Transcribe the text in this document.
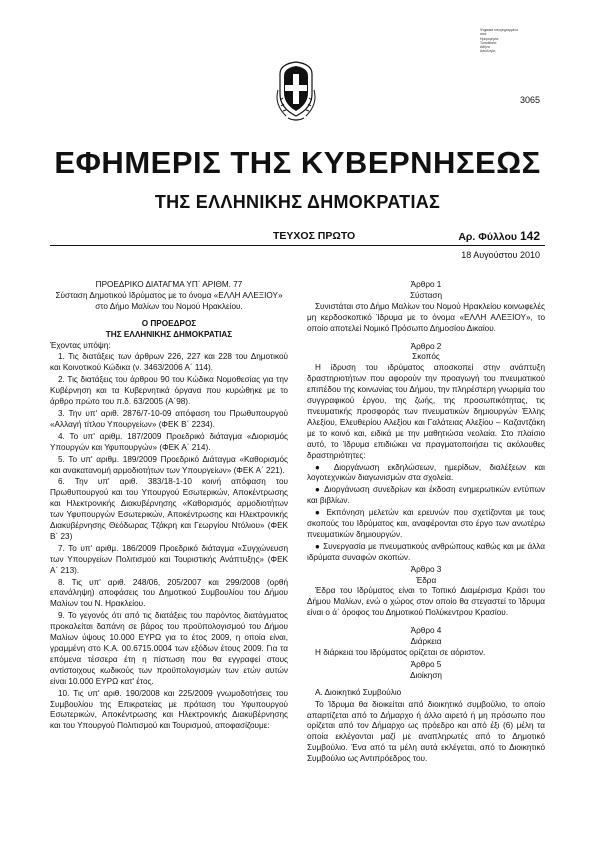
Ψηφιακά υπογεγραμμένο
από:
Ημερομηνία:
Τοποθεσία:
Αθήνα
Αιτιολογία:
3065
ΕΦΗΜΕΡΙΣ ΤΗΣ ΚΥΒΕΡΝΗΣΕΩΣ
ΤΗΣ ΕΛΛΗΝΙΚΗΣ ΔΗΜΟΚΡΑΤΙΑΣ
ΤΕΥΧΟΣ ΠΡΩΤΟ	Αρ. Φύλλου 142
18 Αυγούστου 2010

ΠΡΟΕΔΡΙΚΟ ΔΙΑΤΑΓΜΑ ΥΠ΄ ΑΡΙΘΜ. 77

Σύσταση Δημοτικού Ιδρύματος με το όνομα «ΕΛΛΗ ΑΛΕΞΙΟΥ» στο Δήμο Μαλίων του Νομού Ηρακλείου.

Ο ΠΡΟΕΔΡΟΣ

ΤΗΣ ΕΛΛΗΝΙΚΗΣ ΔΗΜΟΚΡΑΤΙΑΣ

Έχοντας υπόψη:

1. Τις διατάξεις των άρθρων 226, 227 και 228 του Δημοτικού και Κοινοτικού Κώδικα (ν. 3463/2006 Α΄ 114).

2. Τις διατάξεις του άρθρου 90 του Κώδικα Νομοθεσίας για την Κυβέρνηση και τα Κυβερνητικά όργανα που κυρώθηκε με το άρθρο πρώτο του π.δ. 63/2005 (Α΄98).

3. Την υπ' αριθ. 2876/7-10-09 απόφαση του Πρωθυπουργού «Αλλαγή τίτλου Υπουργείων» (ΦΕΚ Β΄ 2234).

4. Το υπ' αριθμ. 187/2009 Προεδρικό διάταγμα «Διορισμός Υπουργών και Υφυπουργών» (ΦΕΚ Α΄ 214).

5. Το υπ' αριθμ. 189/2009 Προεδρικό Διάταγμα «Καθορισμός και ανακατανομή αρμοδιοτήτων των Υπουργείων» (ΦΕΚ Α΄ 221).

6. Την υπ' αριθ. 383/18-1-10 κοινή απόφαση του Πρωθυπουργού και του Υπουργού Εσωτερικών, Αποκέντρωσης και Ηλεκτρονικής Διακυβέρνησης «Καθορισμός αρμοδιοτήτων των Υφυπουργών Εσωτερικών, Αποκέντρωσης και Ηλεκτρονικής Διακυβέρνησης Θεόδωρας Τζάκρη και Γεωργίου Ντόλιου» (ΦΕΚ Β΄ 23)

7. Το υπ' αριθμ. 186/2009 Προεδρικό διάταγμα «Συγχώνευση των Υπουργείων Πολιτισμού και Τουριστικής Ανάπτυξης» (ΦΕΚ Α΄ 213).

8. Τις υπ' αριθ. 248/06, 205/2007 και 299/2008 (ορθή επανάληψη) αποφάσεις του Δημοτικού Συμβουλίου του Δήμου Μαλίων του Ν. Ηρακλείου.

9. Το γεγονός ότι από τις διατάξεις του παρόντος διατάγματος προκαλείται δαπάνη σε βάρος του προϋπολογισμού του Δήμου Μαλίων ύψους 10.000 ΕΥΡΩ για το έτος 2009, η οποία είναι, γραμμένη στο Κ.Α. 00.6715.0004 των εξόδων έτους 2009. Για τα επόμενα τέσσερα έτη η πίστωση που θα εγγραφεί στους αντίστοιχους κωδικούς των προϋπολογισμών των ετών αυτών είναι 10.000 ΕΥΡΩ κατ' έτος.

10. Τις υπ' αριθ. 190/2008 και 225/2009 γνωμοδοτήσεις του Συμβουλίου της Επικρατείας με πρόταση του Υφυπουργού Εσωτερικών, Αποκέντρωσης και Ηλεκτρονικής Διακυβέρνησης και του Υπουργού Πολιτισμού και Τουρισμού, αποφασίζουμε:

Άρθρο 1

Σύσταση

Συνιστάται στο Δήμο Μαλίων του Νομού Ηρακλείου κοινωφελές μη κερδοσκοπικό Ίδρυμα με το όνομα «ΕΛΛΗ ΑΛΕΞΙΟΥ», το οποίο αποτελεί Νομικό Πρόσωπο Δημοσίου Δικαίου.

Άρθρο 2

Σκοπός

Η ίδρυση του ιδρύματος αποσκοπεί στην ανάπτυξη δραστηριοτήτων που αφορούν την προαγωγή του πνευματικού επιπέδου της κοινωνίας του Δήμου, την πληρέστερη γνωριμία του συγγραφικού έργου, της ζωής, της προσωπικότητας, τις πνευματικής προσφοράς των πνευματικών δημιουργών Έλλης Αλεξίου, Ελευθερίου Αλεξίου και Γαλάτειας Αλεξίου – Καζαντζάκη με το κοινό και, ειδικά με την μαθητιώσα νεολαία. Στο πλαίσιο αυτό, το Ίδρυμα επιδιώκει να πραγματοποιήσει τις ακόλουθες δραστηριότητες:

● Διοργάνωση εκδηλώσεων, ημερίδων, διαλέξεων και λογοτεχνικών διαγωνισμών στα σχολεία.

● Διοργάνωση συνεδρίων και έκδοση ενημερωτικών εντύπων και βιβλίων.

● Εκπόνηση μελετών και ερευνών που σχετίζονται με τους σκοπούς του Ιδρύματος και, αναφέρονται στο έργο των ανωτέρω πνευματικών δημιουργών.

● Συνεργασία με πνευματικούς ανθρώπους καθώς και με άλλα ιδρύματα συναφών σκοπών.

Άρθρο 3

Έδρα

Έδρα του Ιδρύματος είναι το Τοπικό Διαμέρισμα Κράσι του Δήμου Μαλίων, ενώ ο χώρος στον οποίο θα στεγαστεί το Ίδρυμα είναι ο ά΄ όροφος του Δημοτικού Πολύκεντρου Κρασίου.

Άρθρο 4

Διάρκεια

Η διάρκεια του Ιδρύματος ορίζεται σε αόριστον.

Άρθρο 5

Διοίκηση

Α. Διοικητικό Συμβούλιο

Το Ίδρυμα θα διοικείται από διοικητικό συμβούλιο, το οποίο απαρτίζεται από το Δήμαρχο ή άλλο αιρετό ή μη πρόσωπο που ορίζεται από τον Δήμαρχο ως πρόεδρο και από έξι (6) μέλη τα οποία εκλέγονται μαζί με αναπληρωτές από το Δημοτικό Συμβούλιο. Ένα από τα μέλη αυτά εκλέγεται, από το Διοικητικό Συμβούλιο ως Αντιπρόεδρος του.
